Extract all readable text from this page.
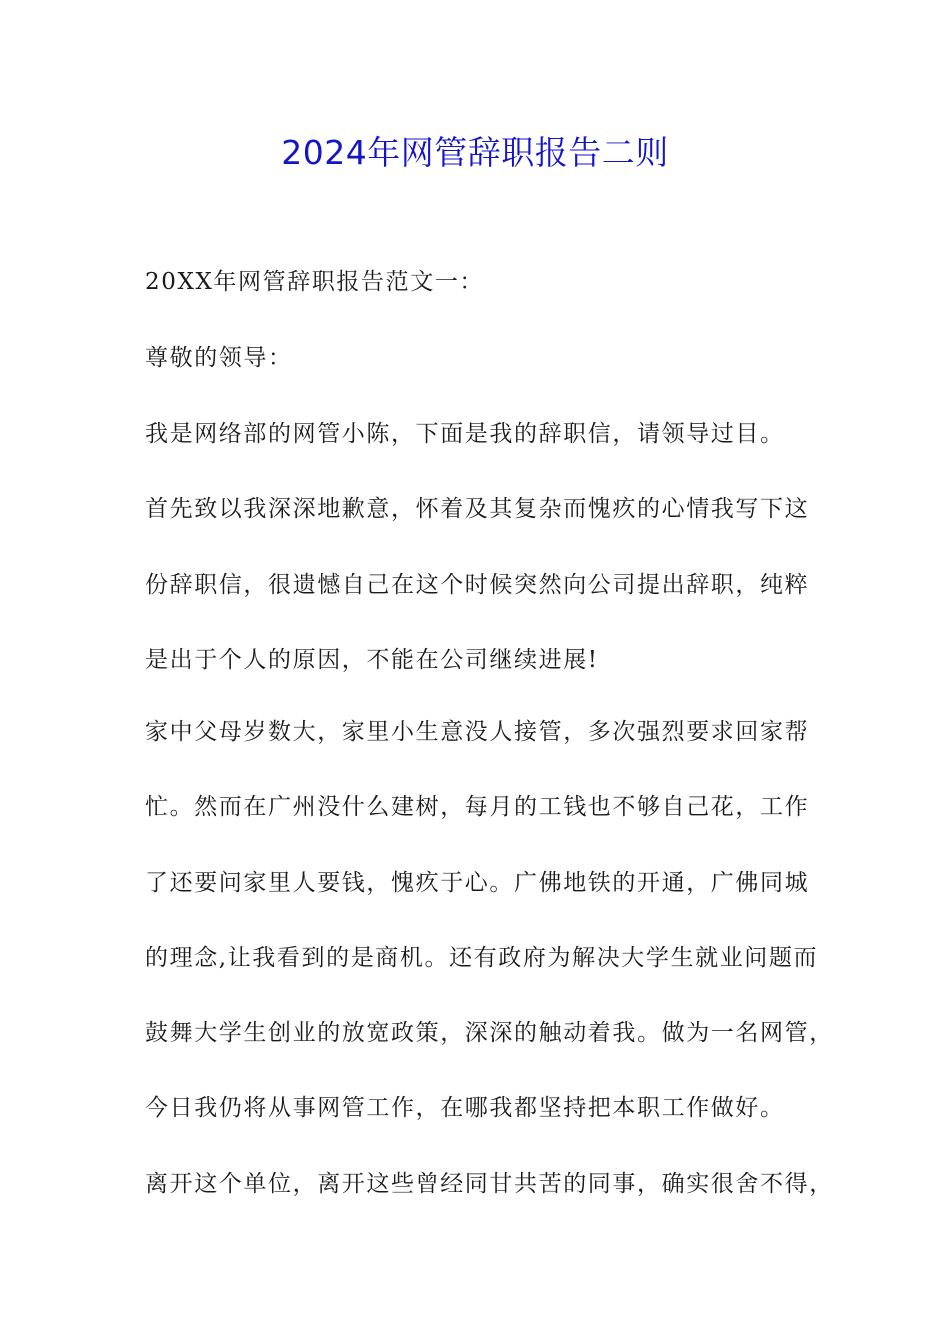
2024年网管辞职报告二则
20XX年网管辞职报告范文一：
尊敬的领导：
我是网络部的网管小陈，下面是我的辞职信，请领导过目。
首先致以我深深地歉意，怀着及其复杂而愧疚的心情我写下这
份辞职信，很遗憾自己在这个时候突然向公司提出辞职，纯粹
是出于个人的原因，不能在公司继续进展!
家中父母岁数大，家里小生意没人接管，多次强烈要求回家帮
忙。然而在广州没什么建树，每月的工钱也不够自己花，工作
了还要问家里人要钱，愧疚于心。广佛地铁的开通，广佛同城
的理念,让我看到的是商机。还有政府为解决大学生就业问题而
鼓舞大学生创业的放宽政策，深深的触动着我。做为一名网管，
今日我仍将从事网管工作，在哪我都坚持把本职工作做好。
离开这个单位，离开这些曾经同甘共苦的同事，确实很舍不得，
